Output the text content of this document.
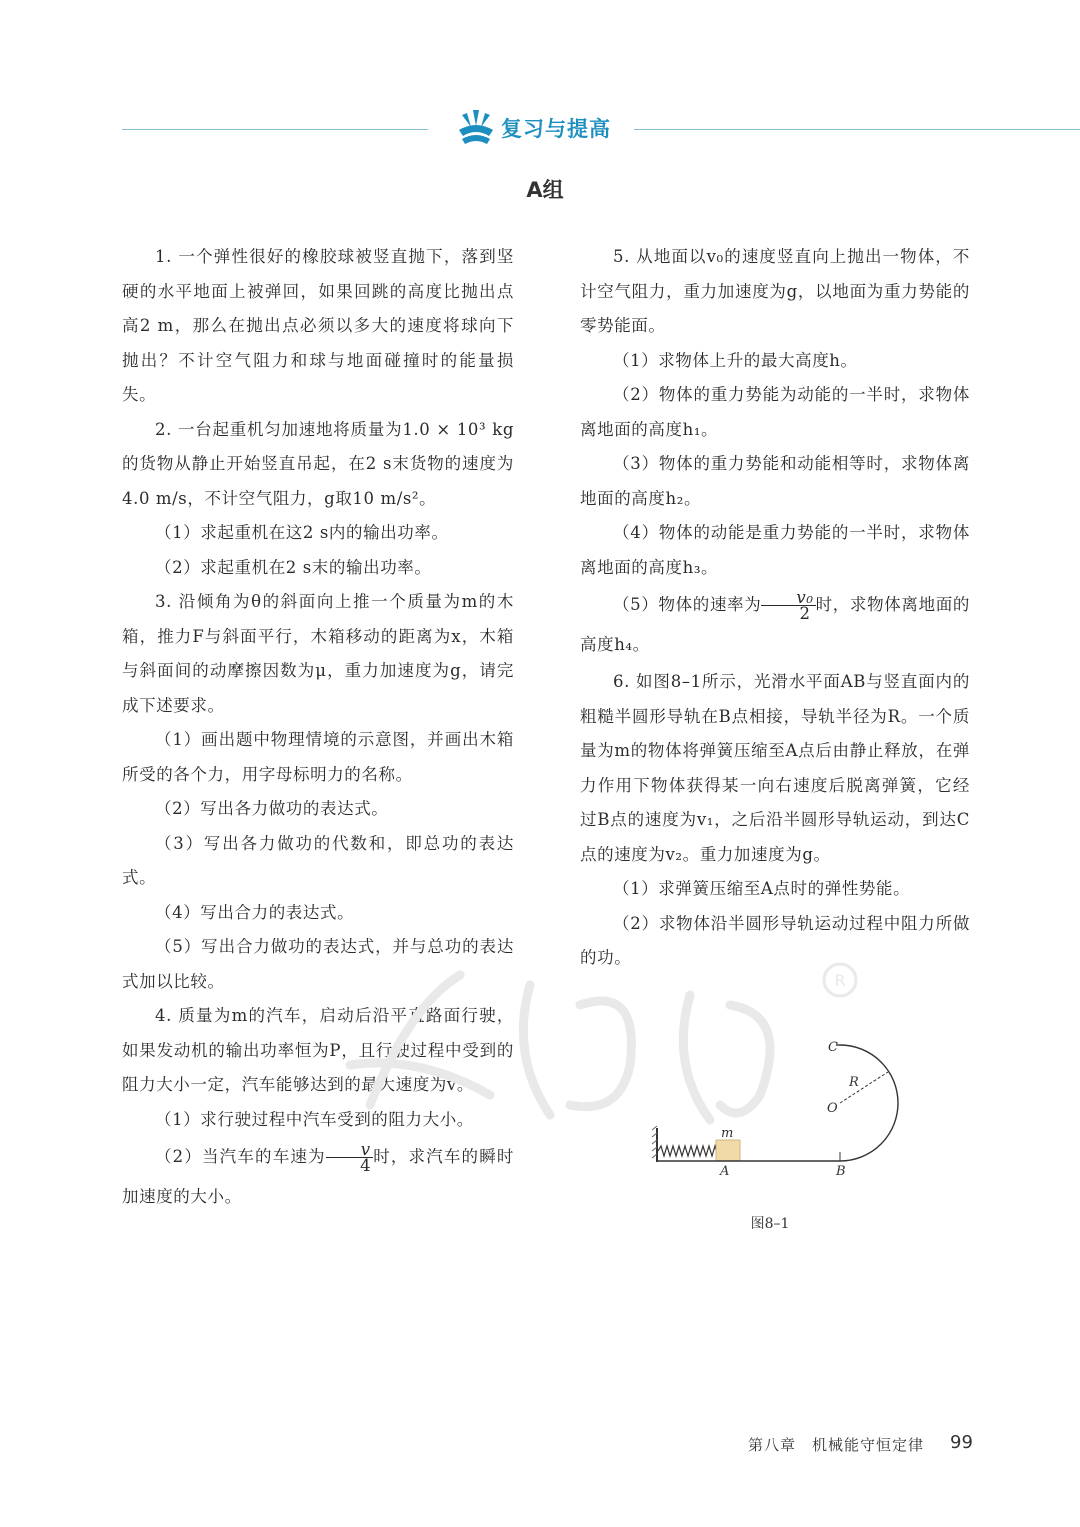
复习与提高
A组

1. 一个弹性很好的橡胶球被竖直抛下，落到坚硬的水平地面上被弹回，如果回跳的高度比抛出点高2 m，那么在抛出点必须以多大的速度将球向下抛出？不计空气阻力和球与地面碰撞时的能量损失。

2. 一台起重机匀加速地将质量为1.0 × 10³ kg的货物从静止开始竖直吊起，在2 s末货物的速度为4.0 m/s，不计空气阻力，g取10 m/s²。

（1）求起重机在这2 s内的输出功率。

（2）求起重机在2 s末的输出功率。

3. 沿倾角为θ的斜面向上推一个质量为m的木箱，推力F与斜面平行，木箱移动的距离为x，木箱与斜面间的动摩擦因数为μ，重力加速度为g，请完成下述要求。

（1）画出题中物理情境的示意图，并画出木箱所受的各个力，用字母标明力的名称。

（2）写出各力做功的表达式。

（3）写出各力做功的代数和，即总功的表达式。

（4）写出合力的表达式。

（5）写出合力做功的表达式，并与总功的表达式加以比较。

4. 质量为m的汽车，启动后沿平直路面行驶，如果发动机的输出功率恒为P，且行驶过程中受到的阻力大小一定，汽车能够达到的最大速度为v。

（1）求行驶过程中汽车受到的阻力大小。

（2）当汽车的车速为 $\frac{v}{4}$ 时，求汽车的瞬时加速度的大小。

5. 从地面以v₀的速度竖直向上抛出一物体，不计空气阻力，重力加速度为g，以地面为重力势能的零势能面。

（1）求物体上升的最大高度h。

（2）物体的重力势能为动能的一半时，求物体离地面的高度h₁。

（3）物体的重力势能和动能相等时，求物体离地面的高度h₂。

（4）物体的动能是重力势能的一半时，求物体离地面的高度h₃。

（5）物体的速率为 $\frac{\text{v₀}}{2}$ 时，求物体离地面的高度h₄。

6. 如图8–1所示，光滑水平面AB与竖直面内的粗糙半圆形导轨在B点相接，导轨半径为R。一个质量为m的物体将弹簧压缩至A点后由静止释放，在弹力作用下物体获得某一向右速度后脱离弹簧，它经过B点的速度为v₁，之后沿半圆形导轨运动，到达C点的速度为v₂。重力加速度为g。

（1）求弹簧压缩至A点时的弹性势能。

（2）求物体沿半圆形导轨运动过程中阻力所做的功。

R
m
A	B
C
R
O
图8–1
第八章　机械能守恒定律 99
